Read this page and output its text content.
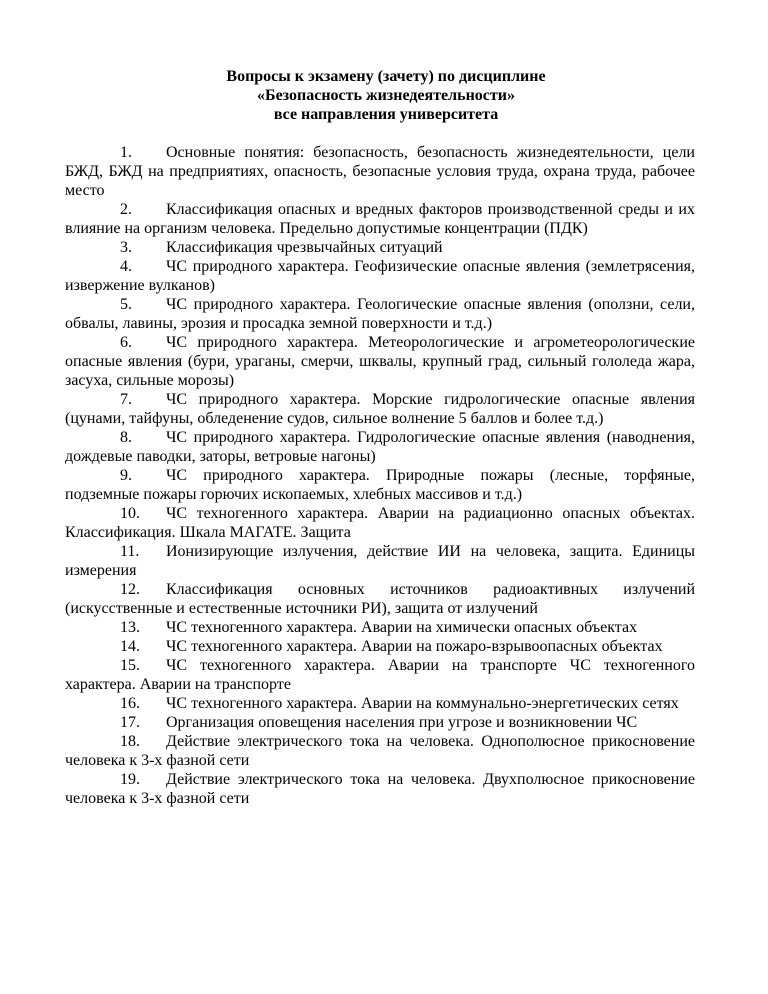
Вопросы к экзамену (зачету) по дисциплине
«Безопасность жизнедеятельности»
все направления университета
1. Основные понятия: безопасность, безопасность жизнедеятельности, цели БЖД, БЖД на предприятиях, опасность, безопасные условия труда, охрана труда, рабочее место
2. Классификация опасных и вредных факторов производственной среды и их влияние на организм человека. Предельно допустимые концентрации (ПДК)
3. Классификация чрезвычайных ситуаций
4. ЧС природного характера. Геофизические опасные явления (землетрясения, извержение вулканов)
5. ЧС природного характера. Геологические опасные явления (оползни, сели, обвалы, лавины, эрозия и просадка земной поверхности и т.д.)
6. ЧС природного характера. Метеорологические и агрометеорологические опасные явления (бури, ураганы, смерчи, шквалы, крупный град, сильный гололеда жара, засуха, сильные морозы)
7. ЧС природного характера. Морские гидрологические опасные явления (цунами, тайфуны, обледенение судов, сильное волнение 5 баллов и более т.д.)
8. ЧС природного характера. Гидрологические опасные явления (наводнения, дождевые паводки, заторы, ветровые нагоны)
9. ЧС природного характера. Природные пожары (лесные, торфяные, подземные пожары горючих ископаемых, хлебных массивов и т.д.)
10. ЧС техногенного характера. Аварии на радиационно опасных объектах. Классификация. Шкала МАГАТЕ. Защита
11. Ионизирующие излучения, действие ИИ на человека, защита. Единицы измерения
12. Классификация основных источников радиоактивных излучений (искусственные и естественные источники РИ), защита от излучений
13. ЧС техногенного характера. Аварии на химически опасных объектах
14. ЧС техногенного характера. Аварии на пожаро-взрывоопасных объектах
15. ЧС техногенного характера. Аварии на транспорте ЧС техногенного характера. Аварии на транспорте
16. ЧС техногенного характера. Аварии на коммунально-энергетических сетях
17. Организация оповещения населения при угрозе и возникновении ЧС
18. Действие электрического тока на человека. Однополюсное прикосновение человека к 3-х фазной сети
19. Действие электрического тока на человека. Двухполюсное прикосновение человека к 3-х фазной сети
